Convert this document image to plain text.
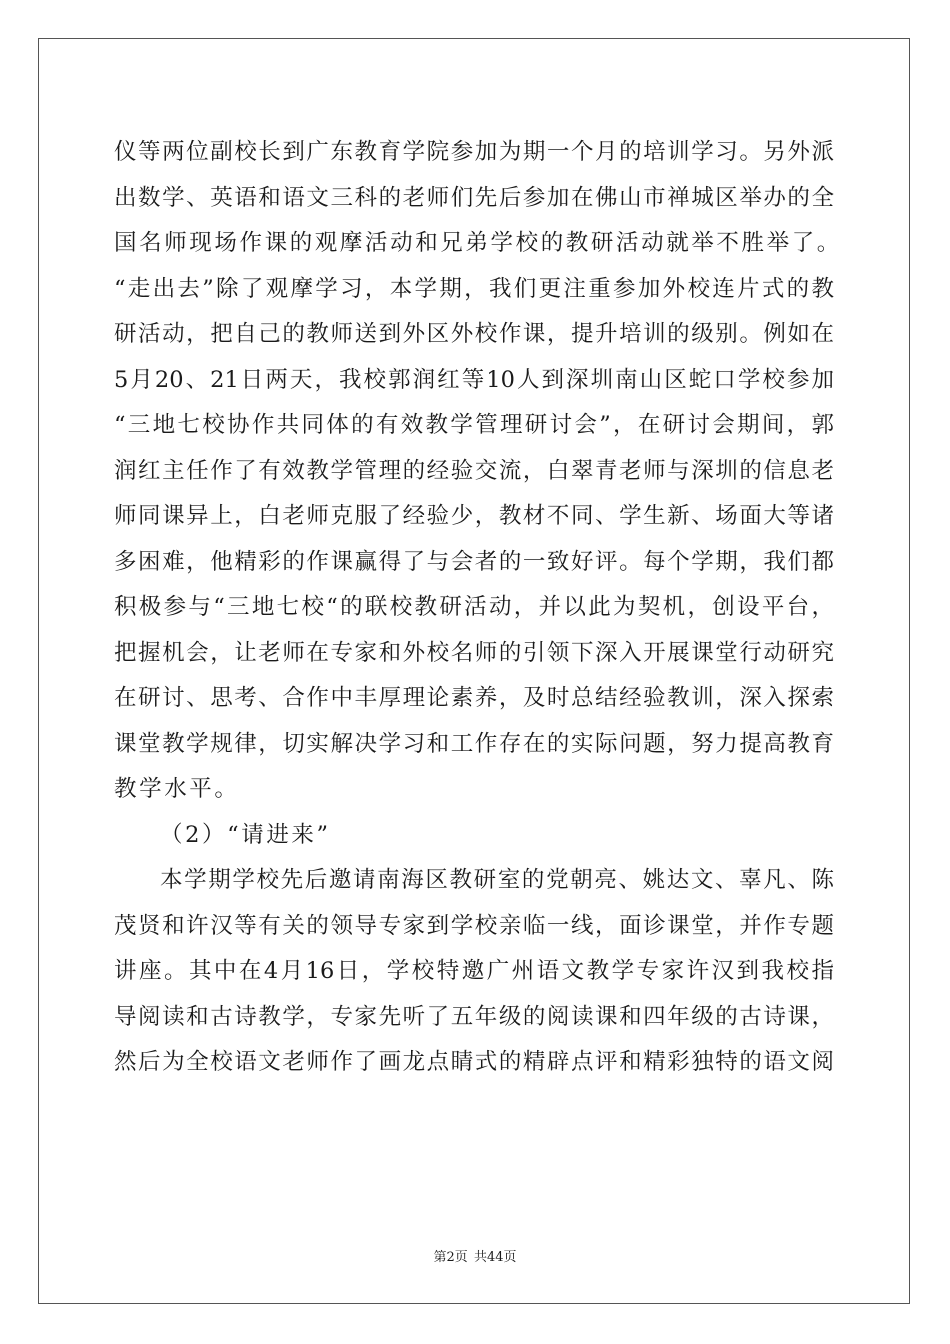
仪等两位副校长到广东教育学院参加为期一个月的培训学习。另外派
出数学、英语和语文三科的老师们先后参加在佛山市禅城区举办的全
国名师现场作课的观摩活动和兄弟学校的教研活动就举不胜举了。
“走出去”除了观摩学习，本学期，我们更注重参加外校连片式的教
研活动，把自己的教师送到外区外校作课，提升培训的级别。例如在
5月20、21日两天，我校郭润红等10人到深圳南山区蛇口学校参加
“三地七校协作共同体的有效教学管理研讨会”，在研讨会期间，郭
润红主任作了有效教学管理的经验交流，白翠青老师与深圳的信息老
师同课异上，白老师克服了经验少，教材不同、学生新、场面大等诸
多困难，他精彩的作课赢得了与会者的一致好评。每个学期，我们都
积极参与“三地七校“的联校教研活动，并以此为契机，创设平台，
把握机会，让老师在专家和外校名师的引领下深入开展课堂行动研究
在研讨、思考、合作中丰厚理论素养，及时总结经验教训，深入探索
课堂教学规律，切实解决学习和工作存在的实际问题，努力提高教育
教学水平。
（2）“请进来”
本学期学校先后邀请南海区教研室的党朝亮、姚达文、辜凡、陈
茂贤和许汉等有关的领导专家到学校亲临一线，面诊课堂，并作专题
讲座。其中在4月16日，学校特邀广州语文教学专家许汉到我校指
导阅读和古诗教学，专家先听了五年级的阅读课和四年级的古诗课，
然后为全校语文老师作了画龙点睛式的精辟点评和精彩独特的语文阅
第2页 共44页
